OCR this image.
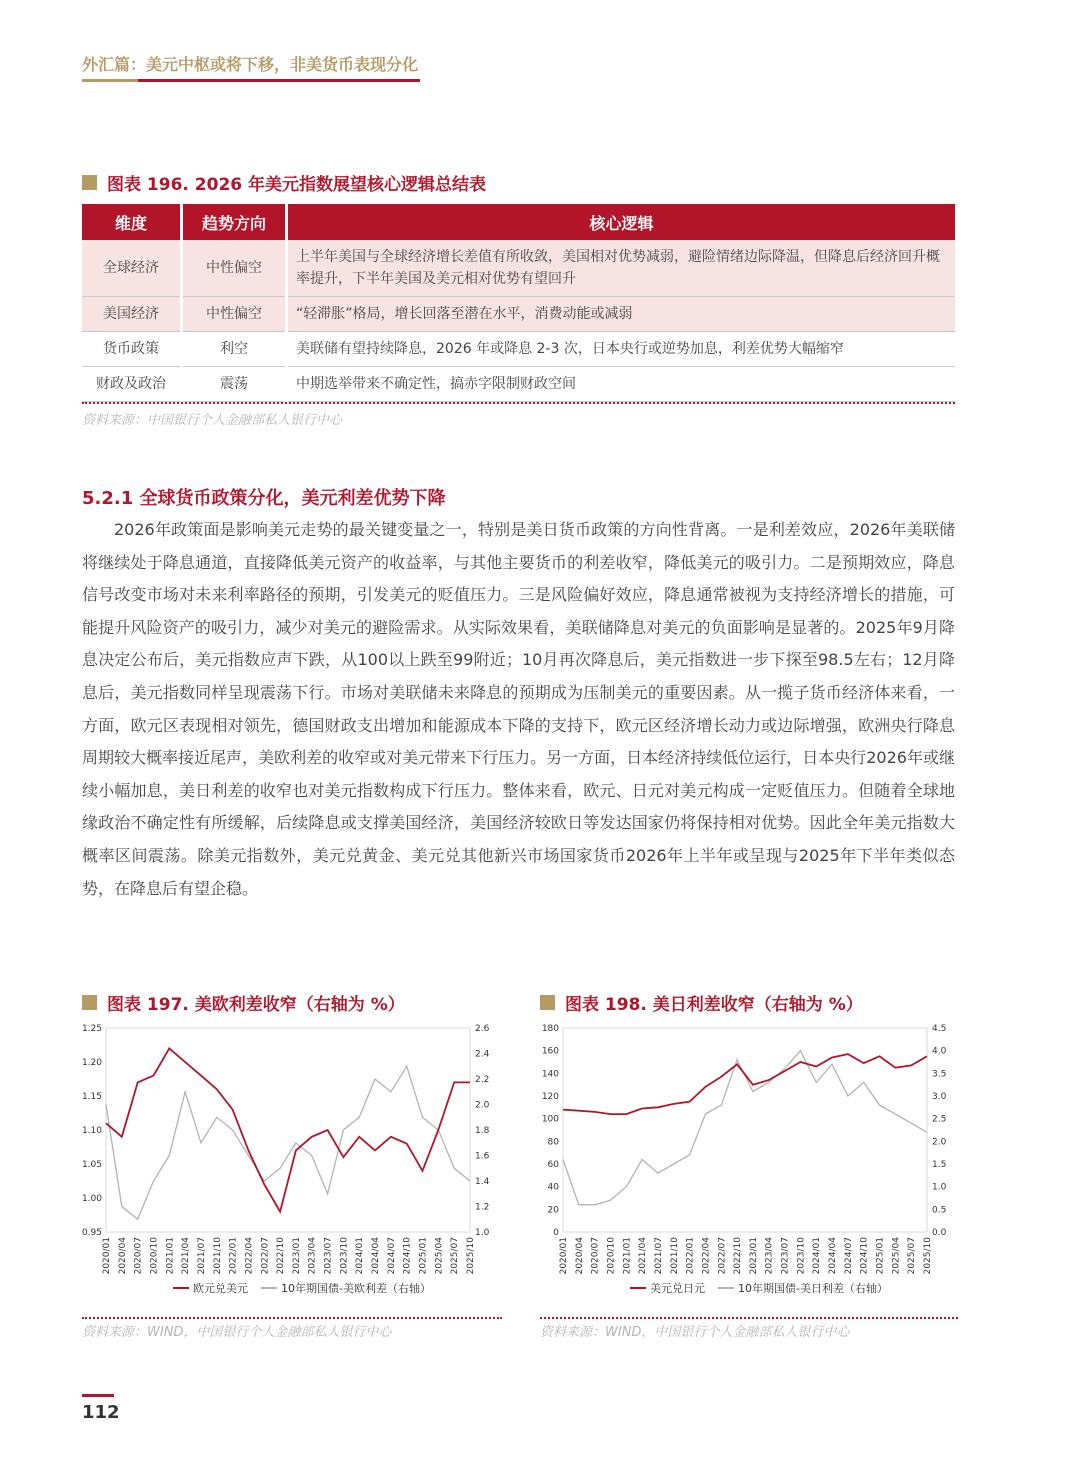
外汇篇：美元中枢或将下移，非美货币表现分化
图表 196. 2026 年美元指数展望核心逻辑总结表
维度	趋势方向	核心逻辑
全球经济	中性偏空	上半年美国与全球经济增长差值有所收敛，美国相对优势减弱，避险情绪边际降温，但降息后经济回升概率提升，下半年美国及美元相对优势有望回升
美国经济	中性偏空	“轻滞胀”格局，增长回落至潜在水平，消费动能或减弱
货币政策	利空	美联储有望持续降息，2026 年或降息 2-3 次，日本央行或逆势加息，利差优势大幅缩窄
财政及政治	震荡	中期选举带来不确定性，搞赤字限制财政空间
资料来源：中国银行个人金融部私人银行中心
5.2.1 全球货币政策分化，美元利差优势下降

2026年政策面是影响美元走势的最关键变量之一，特别是美日货币政策的方向性背离。一是利差效应，2026年美联储将继续处于降息通道，直接降低美元资产的收益率，与其他主要货币的利差收窄，降低美元的吸引力。二是预期效应，降息信号改变市场对未来利率路径的预期，引发美元的贬值压力。三是风险偏好效应，降息通常被视为支持经济增长的措施，可能提升风险资产的吸引力，减少对美元的避险需求。从实际效果看，美联储降息对美元的负面影响是显著的。2025年9月降息决定公布后，美元指数应声下跌，从100以上跌至99附近；10月再次降息后，美元指数进一步下探至98.5左右；12月降息后，美元指数同样呈现震荡下行。市场对美联储未来降息的预期成为压制美元的重要因素。从一揽子货币经济体来看，一方面，欧元区表现相对领先，德国财政支出增加和能源成本下降的支持下，欧元区经济增长动力或边际增强，欧洲央行降息周期较大概率接近尾声，美欧利差的收窄或对美元带来下行压力。另一方面，日本经济持续低位运行，日本央行2026年或继续小幅加息，美日利差的收窄也对美元指数构成下行压力。整体来看，欧元、日元对美元构成一定贬值压力。但随着全球地缘政治不确定性有所缓解，后续降息或支撑美国经济，美国经济较欧日等发达国家仍将保持相对优势。因此全年美元指数大概率区间震荡。除美元指数外，美元兑黄金、美元兑其他新兴市场国家货币2026年上半年或呈现与2025年下半年类似态势，在降息后有望企稳。

图表 197. 美欧利差收窄（右轴为 %）
0.95
1.00
1.05
1.10
1.15
1.20
1.25
1.0
1.2
1.4
1.6
1.8
2.0
2.2
2.4
2.6
2020/01 2020/04 2020/07 2020/10 2021/01 2021/04 2021/07 2021/10 2022/01 2022/04 2022/07 2022/10 2023/01 2023/04 2023/07 2023/10 2024/01 2024/04 2024/07 2024/10 2025/01 2025/04 2025/07 2025/10
欧元兑美元	10年期国债-美欧利差（右轴）
资料来源：WIND，中国银行个人金融部私人银行中心
图表 198. 美日利差收窄（右轴为 %）
0
20
40
60
80
100
120
140
160
180
0.0
0.5
1.0
1.5
2.0
2.5
3.0
3.5
4.0
4.5
2020/01 2020/04 2020/07 2020/10 2021/01 2021/04 2021/07 2021/10 2022/01 2022/04 2022/07 2022/10 2023/01 2023/04 2023/07 2023/10 2024/01 2024/04 2024/07 2024/10 2025/01 2025/04 2025/07 2025/10
美元兑日元	10年期国债-美日利差（右轴）
资料来源：WIND，中国银行个人金融部私人银行中心
112
